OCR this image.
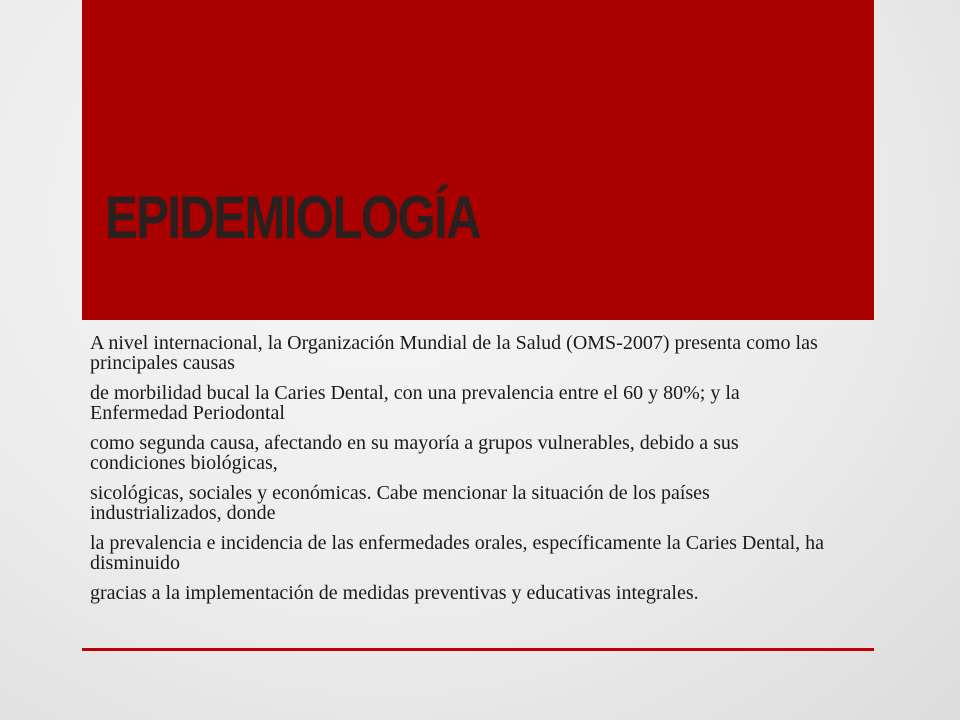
EPIDEMIOLOGÍA
A nivel internacional, la Organización Mundial de la Salud (OMS-2007) presenta como las principales causas
de morbilidad bucal la Caries Dental, con una prevalencia entre el 60 y 80%; y la Enfermedad Periodontal
como segunda causa, afectando en su mayoría a grupos vulnerables, debido a sus condiciones biológicas,
sicológicas, sociales y económicas. Cabe mencionar la situación de los países industrializados, donde
la prevalencia e incidencia de las enfermedades orales, específicamente la Caries Dental, ha disminuido
gracias a la implementación de medidas preventivas y educativas integrales.
